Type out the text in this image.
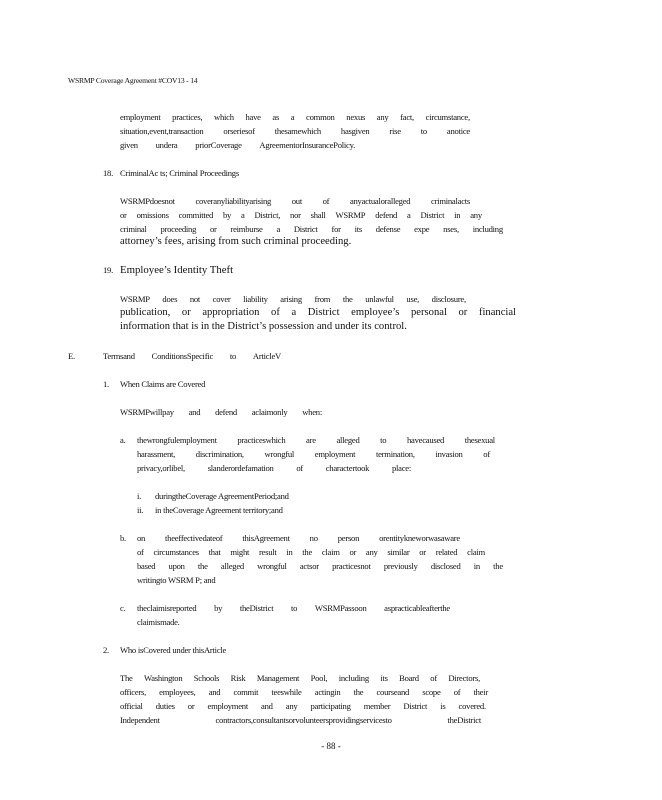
WSRMP Coverage Agreement #COV13 - 14
employment practices, which have as a common nexus any fact, circumstance,
situation,event,transaction orseriesof thesamewhich hasgiven rise to anotice
given undera priorCoverage AgreementorInsurancePolicy.
18. CriminalAc ts; Criminal Proceedings
WSRMPdoesnot coveranyliabilityarising out of anyactualoralleged criminalacts
or omissions committed by a District, nor shall WSRMP defend a District in any
criminal proceeding or reimburse a District for its defense expe nses, including
attorney’s fees, arising from such criminal proceeding.
19. Employee’s Identity Theft
WSRMP does not cover liability arising from the unlawful use, disclosure,
publication, or appropriation of a District employee’s personal or financial
information that is in the District’s possession and under its control.
E.	Termsand ConditionsSpecific to ArticleV
1. When Claims are Covered
WSRMPwillpay and defend aclaimonly when:
a. thewrongfulemployment practiceswhich are alleged to havecaused thesexual
harassment, discrimination, wrongful employment termination, invasion of
privacy,orlibel,	slanderordefamation	of	charactertook	place:
i. duringtheCoverage AgreementPeriod;and
ii. in theCoverage Agreement territory;and
b. on theeffectivedateof thisAgreement no person orentitykneworwasaware
of circumstances that might result in the claim or any similar or related claim
based upon the alleged wrongful actsor practicesnot previously disclosed in the
writingto WSRM P; and
c. theclaimisreported by theDistrict to WSRMPassoon aspracticableafterthe
claimismade.
2. Who isCovered under thisArticle
The Washington Schools Risk Management Pool, including its Board of Directors,
officers, employees, and commit teeswhile actingin the courseand scope of their
official duties or employment and any participating member District is covered.
Independent	contractors,consultantsorvolunteersprovidingservicesto	theDistrict
- 88 -
